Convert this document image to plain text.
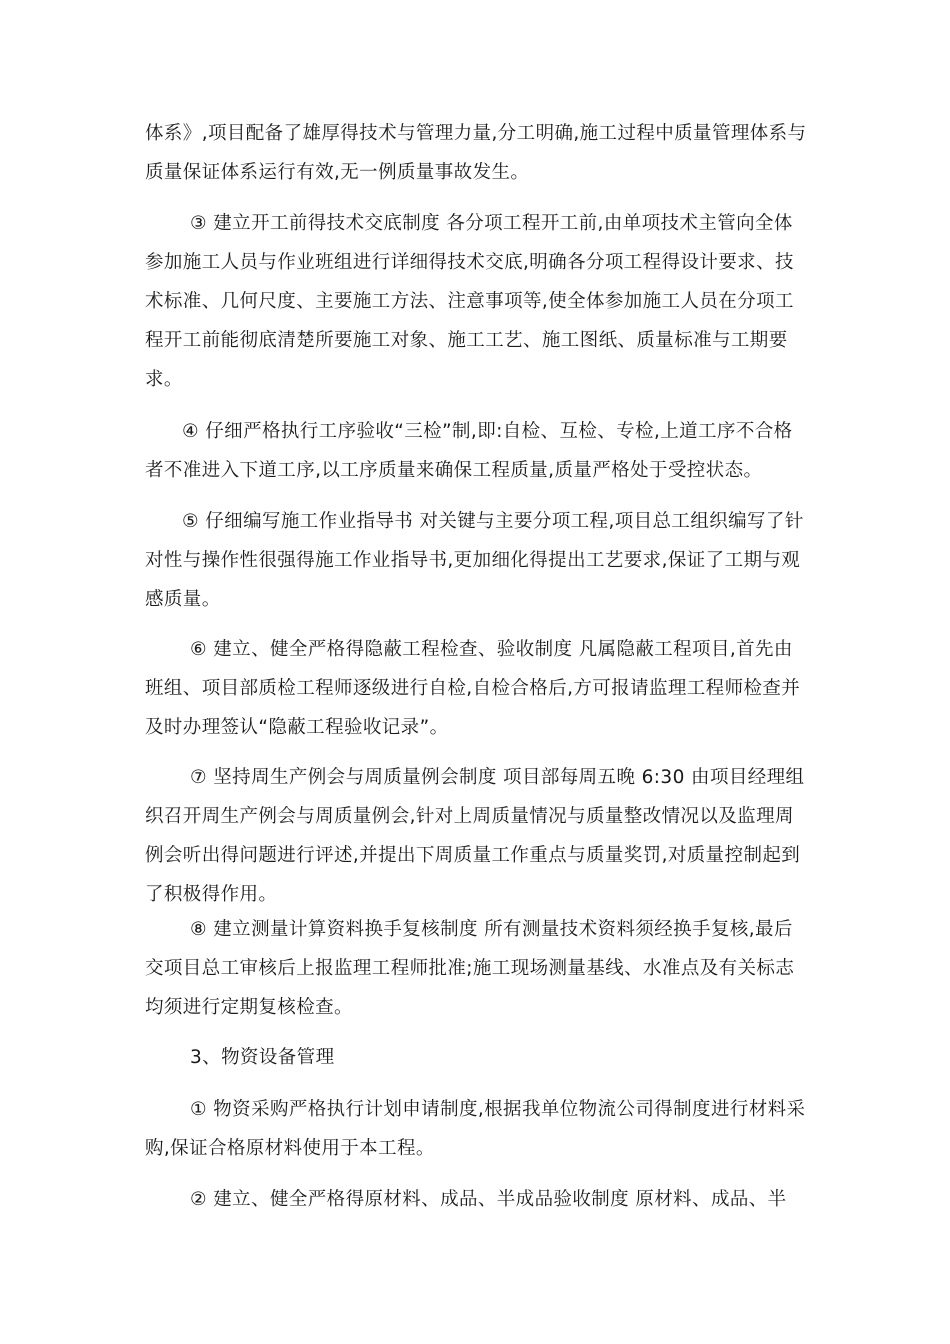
体系》,项目配备了雄厚得技术与管理力量,分工明确,施工过程中质量管理体系与质量保证体系运行有效,无一例质量事故发生。

③ 建立开工前得技术交底制度 各分项工程开工前,由单项技术主管向全体参加施工人员与作业班组进行详细得技术交底,明确各分项工程得设计要求、技术标准、几何尺度、主要施工方法、注意事项等,使全体参加施工人员在分项工程开工前能彻底清楚所要施工对象、施工工艺、施工图纸、质量标准与工期要求。

④ 仔细严格执行工序验收“三检”制,即:自检、互检、专检,上道工序不合格者不准进入下道工序,以工序质量来确保工程质量,质量严格处于受控状态。

⑤ 仔细编写施工作业指导书 对关键与主要分项工程,项目总工组织编写了针对性与操作性很强得施工作业指导书,更加细化得提出工艺要求,保证了工期与观感质量。

⑥ 建立、健全严格得隐蔽工程检查、验收制度 凡属隐蔽工程项目,首先由班组、项目部质检工程师逐级进行自检,自检合格后,方可报请监理工程师检查并及时办理签认“隐蔽工程验收记录”。

⑦ 坚持周生产例会与周质量例会制度 项目部每周五晚 6:30 由项目经理组织召开周生产例会与周质量例会,针对上周质量情况与质量整改情况以及监理周例会听出得问题进行评述,并提出下周质量工作重点与质量奖罚,对质量控制起到了积极得作用。

⑧ 建立测量计算资料换手复核制度 所有测量技术资料须经换手复核,最后交项目总工审核后上报监理工程师批准;施工现场测量基线、水准点及有关标志均须进行定期复核检查。

3、物资设备管理

① 物资采购严格执行计划申请制度,根据我单位物流公司得制度进行材料采购,保证合格原材料使用于本工程。

② 建立、健全严格得原材料、成品、半成品验收制度 原材料、成品、半
